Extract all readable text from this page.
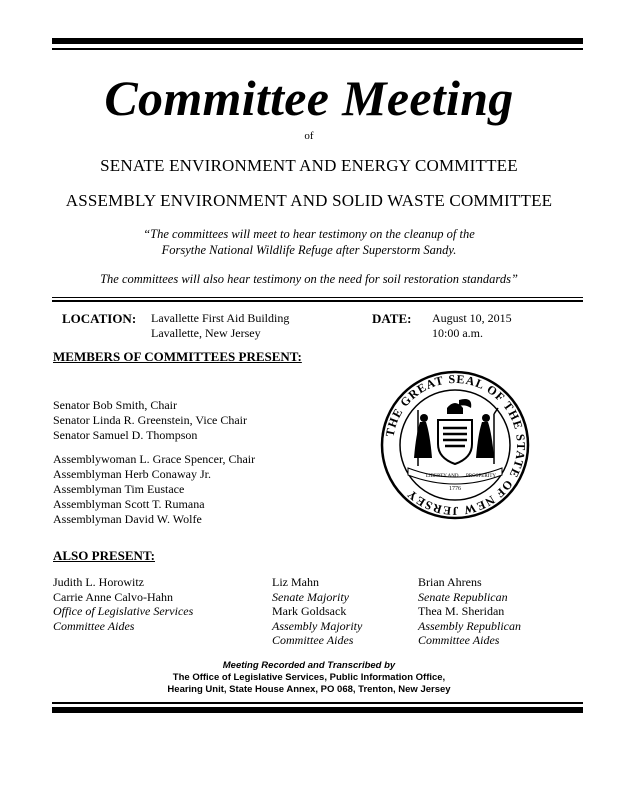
Committee Meeting
of
SENATE ENVIRONMENT AND ENERGY COMMITTEE
ASSEMBLY ENVIRONMENT AND SOLID WASTE COMMITTEE
“The committees will meet to hear testimony on the cleanup of the
Forsythe National Wildlife Refuge after Superstorm Sandy.
The committees will also hear testimony on the need for soil restoration standards”
LOCATION: Lavallette First Aid Building
Lavallette, New Jersey
DATE: August 10, 2015
10:00 a.m.
MEMBERS OF COMMITTEES PRESENT:
Senator Bob Smith, Chair
Senator Linda R. Greenstein, Vice Chair
Senator Samuel D. Thompson
Assemblywoman L. Grace Spencer, Chair
Assemblyman Herb Conaway Jr.
Assemblyman Tim Eustace
Assemblyman Scott T. Rumana
Assemblyman David W. Wolfe
THE GREAT SEAL OF THE STATE OF NEW JERSEY
LIBERTY AND PROSPERITY
1776
ALSO PRESENT:
Judith L. Horowitz
Carrie Anne Calvo-Hahn
Office of Legislative Services
Committee Aides
Liz Mahn
Senate Majority
Mark Goldsack
Assembly Majority
Committee Aides
Brian Ahrens
Senate Republican
Thea M. Sheridan
Assembly Republican
Committee Aides
Meeting Recorded and Transcribed by
The Office of Legislative Services, Public Information Office,
Hearing Unit, State House Annex, PO 068, Trenton, New Jersey
